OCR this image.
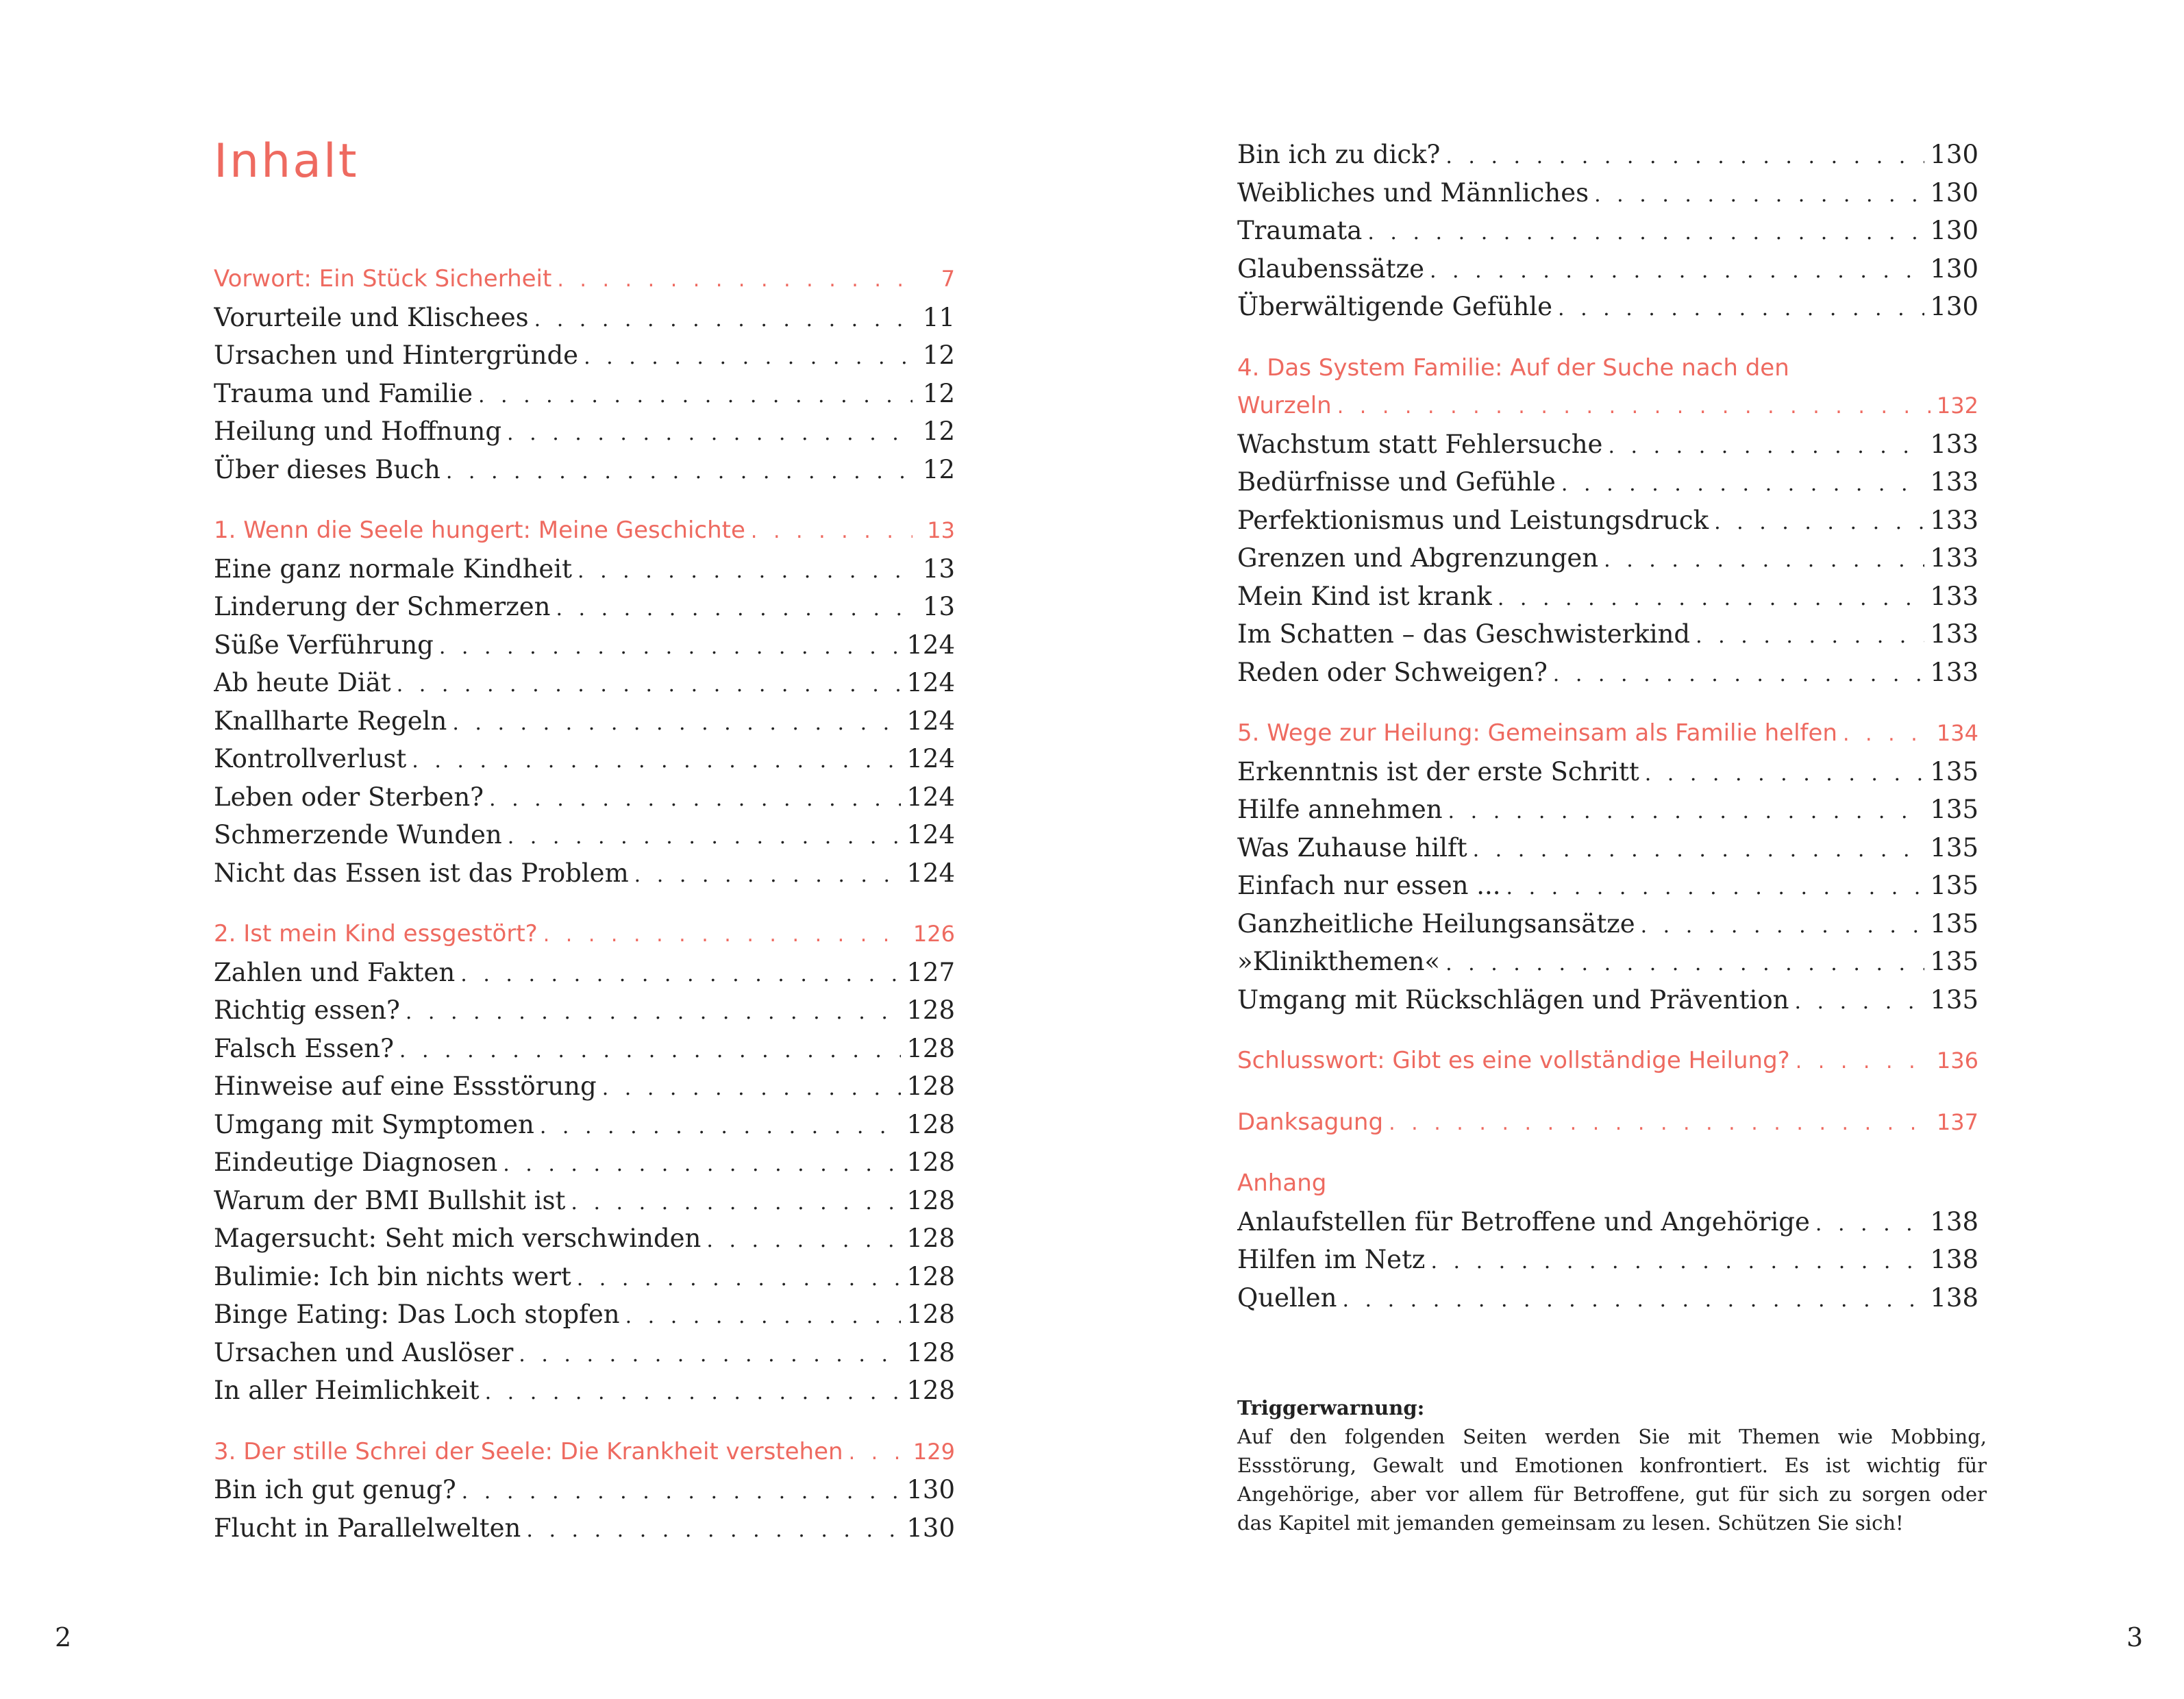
Inhalt
Vorwort: Ein Stück Sicherheit . . .	7
Vorurteile und Klischees . . .	11
Ursachen und Hintergründe . . .	12
Trauma und Familie . . .	12
Heilung und Hoffnung . . .	12
Über dieses Buch . . .	12
1. Wenn die Seele hungert: Meine Geschichte . . .	13
Eine ganz normale Kindheit . . .	13
Linderung der Schmerzen . . .	13
Süße Verführung . . .	124
Ab heute Diät . . .	124
Knallharte Regeln . . .	124
Kontrollverlust . . .	124
Leben oder Sterben? . . .	124
Schmerzende Wunden . . .	124
Nicht das Essen ist das Problem . . .	124
2. Ist mein Kind essgestört? . . .	126
Zahlen und Fakten . . .	127
Richtig essen? . . .	128
Falsch Essen? . . .	128
Hinweise auf eine Essstörung . . .	128
Umgang mit Symptomen . . .	128
Eindeutige Diagnosen . . .	128
Warum der BMI Bullshit ist . . .	128
Magersucht: Seht mich verschwinden . . .	128
Bulimie: Ich bin nichts wert . . .	128
Binge Eating: Das Loch stopfen . . .	128
Ursachen und Auslöser . . .	128
In aller Heimlichkeit . . .	128
3. Der stille Schrei der Seele: Die Krankheit verstehen . . .	129
Bin ich gut genug? . . .	130
Flucht in Parallelwelten . . .	130
2
Bin ich zu dick? . . .	130
Weibliches und Männliches . . .	130
Traumata . . .	130
Glaubenssätze . . .	130
Überwältigende Gefühle . . .	130
4. Das System Familie: Auf der Suche nach den
Wurzeln . . .	132
Wachstum statt Fehlersuche . . .	133
Bedürfnisse und Gefühle . . .	133
Perfektionismus und Leistungsdruck . . .	133
Grenzen und Abgrenzungen . . .	133
Mein Kind ist krank . . .	133
Im Schatten – das Geschwisterkind . . .	133
Reden oder Schweigen? . . .	133
5. Wege zur Heilung: Gemeinsam als Familie helfen . . .	134
Erkenntnis ist der erste Schritt . . .	135
Hilfe annehmen . . .	135
Was Zuhause hilft . . .	135
Einfach nur essen ... . . .	135
Ganzheitliche Heilungsansätze . . .	135
»Klinikthemen« . . .	135
Umgang mit Rückschlägen und Prävention . . .	135
Schlusswort: Gibt es eine vollständige Heilung? . . .	136
Danksagung . . .	137
Anhang
Anlaufstellen für Betroffene und Angehörige . . .	138
Hilfen im Netz . . .	138
Quellen . . .	138
Triggerwarnung:
Auf den folgenden Seiten werden Sie mit Themen wie Mobbing, Essstörung, Gewalt und Emotionen konfrontiert. Es ist wichtig für Angehörige, aber vor allem für Betroffene, gut für sich zu sorgen oder das Kapitel mit jemanden gemeinsam zu lesen. Schützen Sie sich!
3
